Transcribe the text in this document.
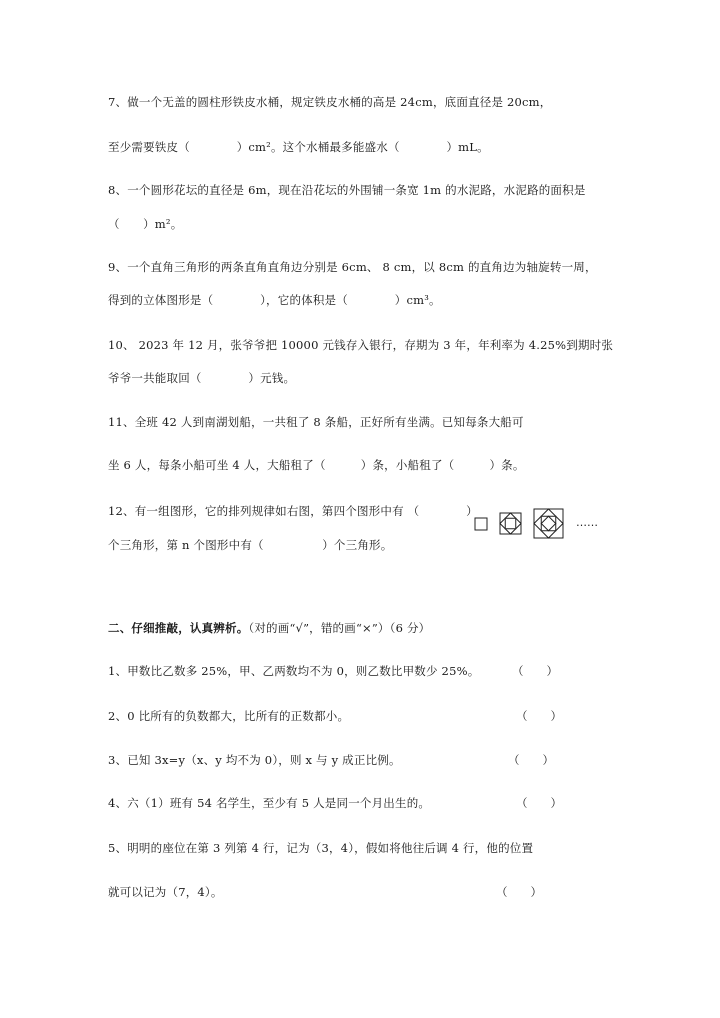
7、做一个无盖的圆柱形铁皮水桶，规定铁皮水桶的高是 24cm，底面直径是 20cm，
至少需要铁皮（　　　　）cm²。这个水桶最多能盛水（　　　　）mL。
8、一个圆形花坛的直径是 6m，现在沿花坛的外围铺一条宽 1m 的水泥路，水泥路的面积是
（　　）m²。
9、一个直角三角形的两条直角直角边分别是 6cm、 8 cm，以 8cm 的直角边为轴旋转一周，
得到的立体图形是（　　　　），它的体积是（　　　　）cm³。
10、 2023 年 12 月，张爷爷把 10000 元钱存入银行，存期为 3 年，年利率为 4.25%到期时张
爷爷一共能取回（　　　　）元钱。
11、全班 42 人到南湖划船，一共租了 8 条船，正好所有坐满。已知每条大船可
坐 6 人，每条小船可坐 4 人，大船租了（　　　）条，小船租了（　　　）条。
12、有一组图形，它的排列规律如右图，第四个图形中有 （　　　　）
个三角形，第 n 个图形中有（　　　　　）个三角形。
……
二、仔细推敲，认真辨析。（对的画“√”，错的画“×”）（6 分）
1、甲数比乙数多 25%，甲、乙两数均不为 0，则乙数比甲数少 25%。	（　　）
2、0 比所有的负数都大，比所有的正数都小。	（　　）
3、已知 3x=y（x、y 均不为 0），则 x 与 y 成正比例。	（　　）
4、六（1）班有 54 名学生，至少有 5 人是同一个月出生的。	（　　）
5、明明的座位在第 3 列第 4 行，记为（3，4），假如将他往后调 4 行，他的位置
就可以记为（7，4）。	（　　）
